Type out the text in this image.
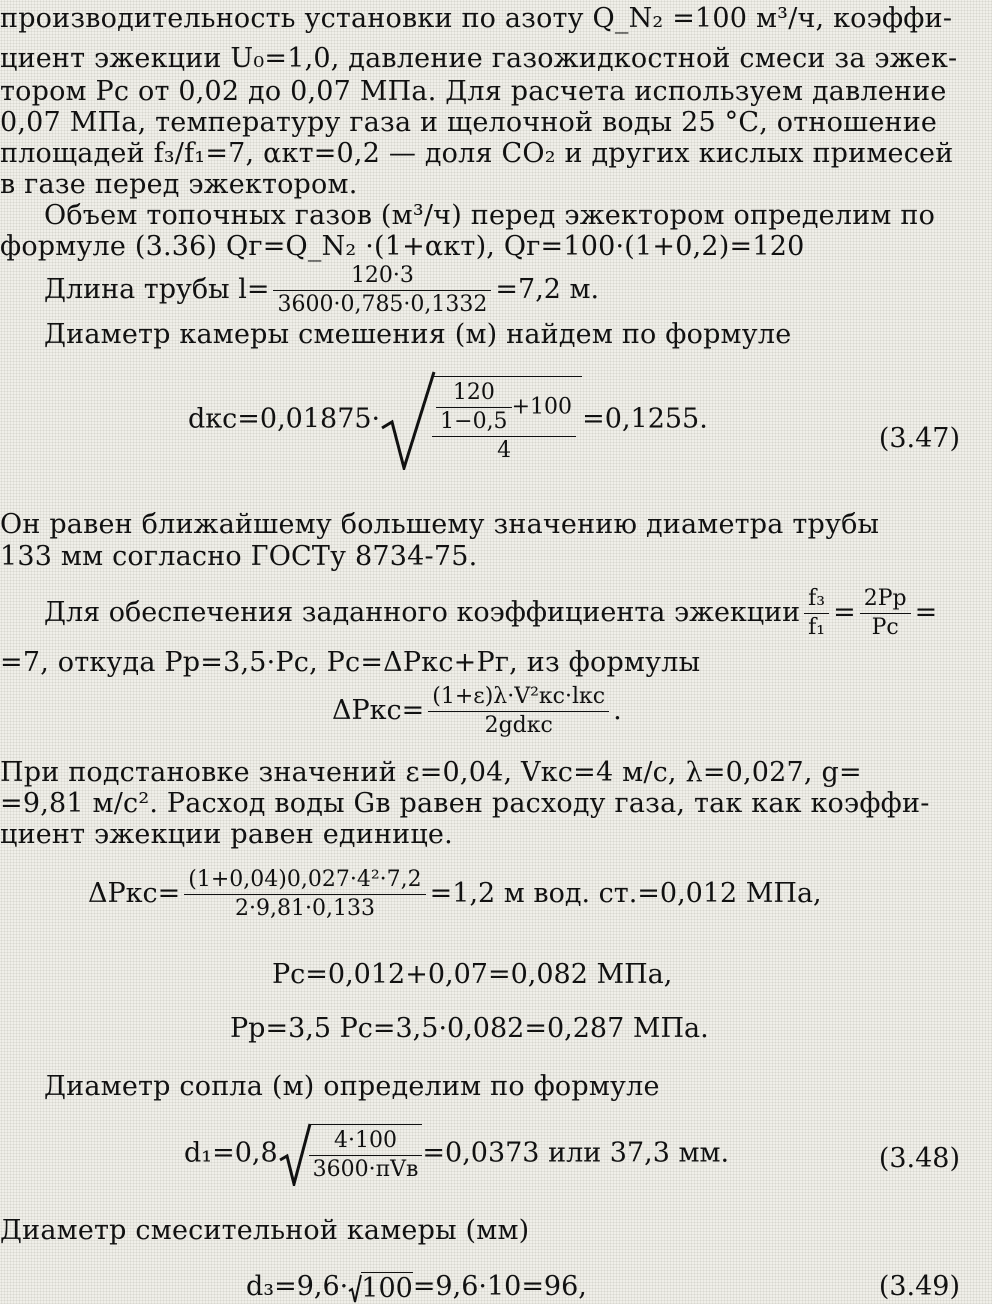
производительность установки по азоту Q_N₂ =100 м³/ч, коэффи-
циент эжекции U₀=1,0, давление газожидкостной смеси за эжек-
тором Pс от 0,02 до 0,07 МПа. Для расчета используем давление
0,07 МПа, температуру газа и щелочной воды 25 °С, отношение
площадей f₃/f₁=7, αкт=0,2 — доля CO₂ и других кислых примесей
в газе перед эжектором.
Объем топочных газов (м³/ч) перед эжектором определим по
формуле (3.36) Qг=Q_N₂ ·(1+αкт), Qг=100·(1+0,2)=120
Длина трубы $l= \frac{120\cdot 3}{3600\cdot 0,785\cdot 0,1332} =7,2$ м.
Диаметр камеры смешения (м) найдем по формуле
$dкс=0,01875\cdot \frac{\frac{120}{1-0,5} +100}{4} =0,1255$.
(3.47)
Он равен ближайшему большему значению диаметра трубы
133 мм согласно ГОСТу 8734-75.
Для обеспечения заданного коэффициента эжекции $\frac{\text{f₃}}{\text{f₁}} = \frac{2Pр}{Pс}$ =
=7, откуда Pр=3,5·Pс, Pс=ΔPкс+Pг, из формулы
$\Delta Pкс= \frac{\text{(1+ε)λ·V²кс·lкс}}{\text{2gdкс}}$ .
При подстановке значений ε=0,04, Vкс=4 м/с, λ=0,027, g=
=9,81 м/с². Расход воды Gв равен расходу газа, так как коэффи-
циент эжекции равен единице.
$\Delta Pкс= \frac{\text{(1+0,04)0,027·4²·7,2}}{2\cdot 9,81\cdot 0,133} =1,2$ м вод. ст.=0,012 МПа,
Pс=0,012+0,07=0,082 МПа,
Pр=3,5 Pс=3,5·0,082=0,287 МПа.
Диаметр сопла (м) определим по формуле
$d_1=0,8 \frac{4\cdot 100}{\text{3600·πVв}} =0,0373$ или 37,3 мм.	(3.48)
Диаметр смесительной камеры (мм)
d₃=9,6· 100=9,6·10=96,	(3.49)
